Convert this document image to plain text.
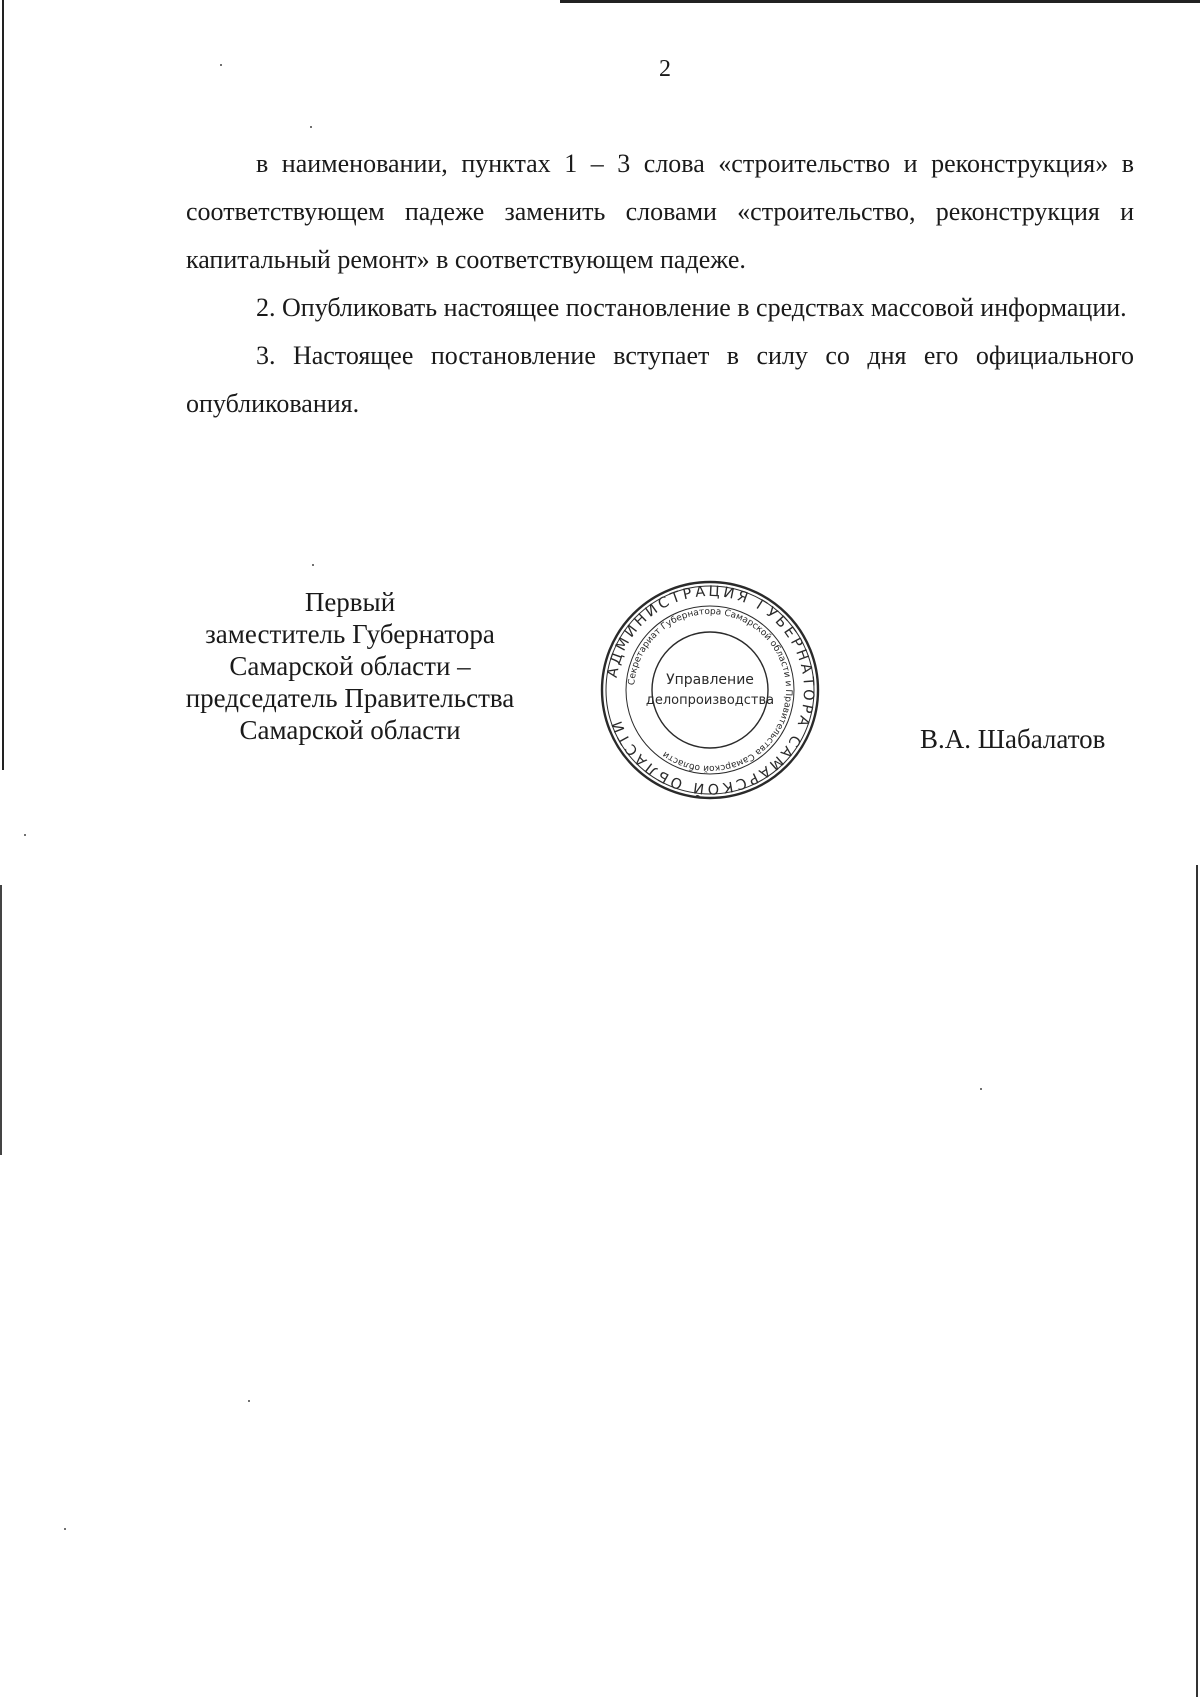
2

в наименовании, пунктах 1 – 3 слова «строительство и реконструкция» в соответствующем падеже заменить словами «строительство, реконструкция и капитальный ремонт» в соответствующем падеже.

2. Опубликовать настоящее постановление в средствах массовой информации.

3. Настоящее постановление вступает в силу со дня его официального опубликования.

Первый
заместитель Губернатора
Самарской области –
председатель Правительства
Самарской области
АДМИНИСТРАЦИЯ ГУБЕРНАТОРА САМАРСКОЙ ОБЛАСТИ
Секретариат Губернатора Самарской области и Правительства Самарской области
Управление
делопроизводства
В.А. Шабалатов
